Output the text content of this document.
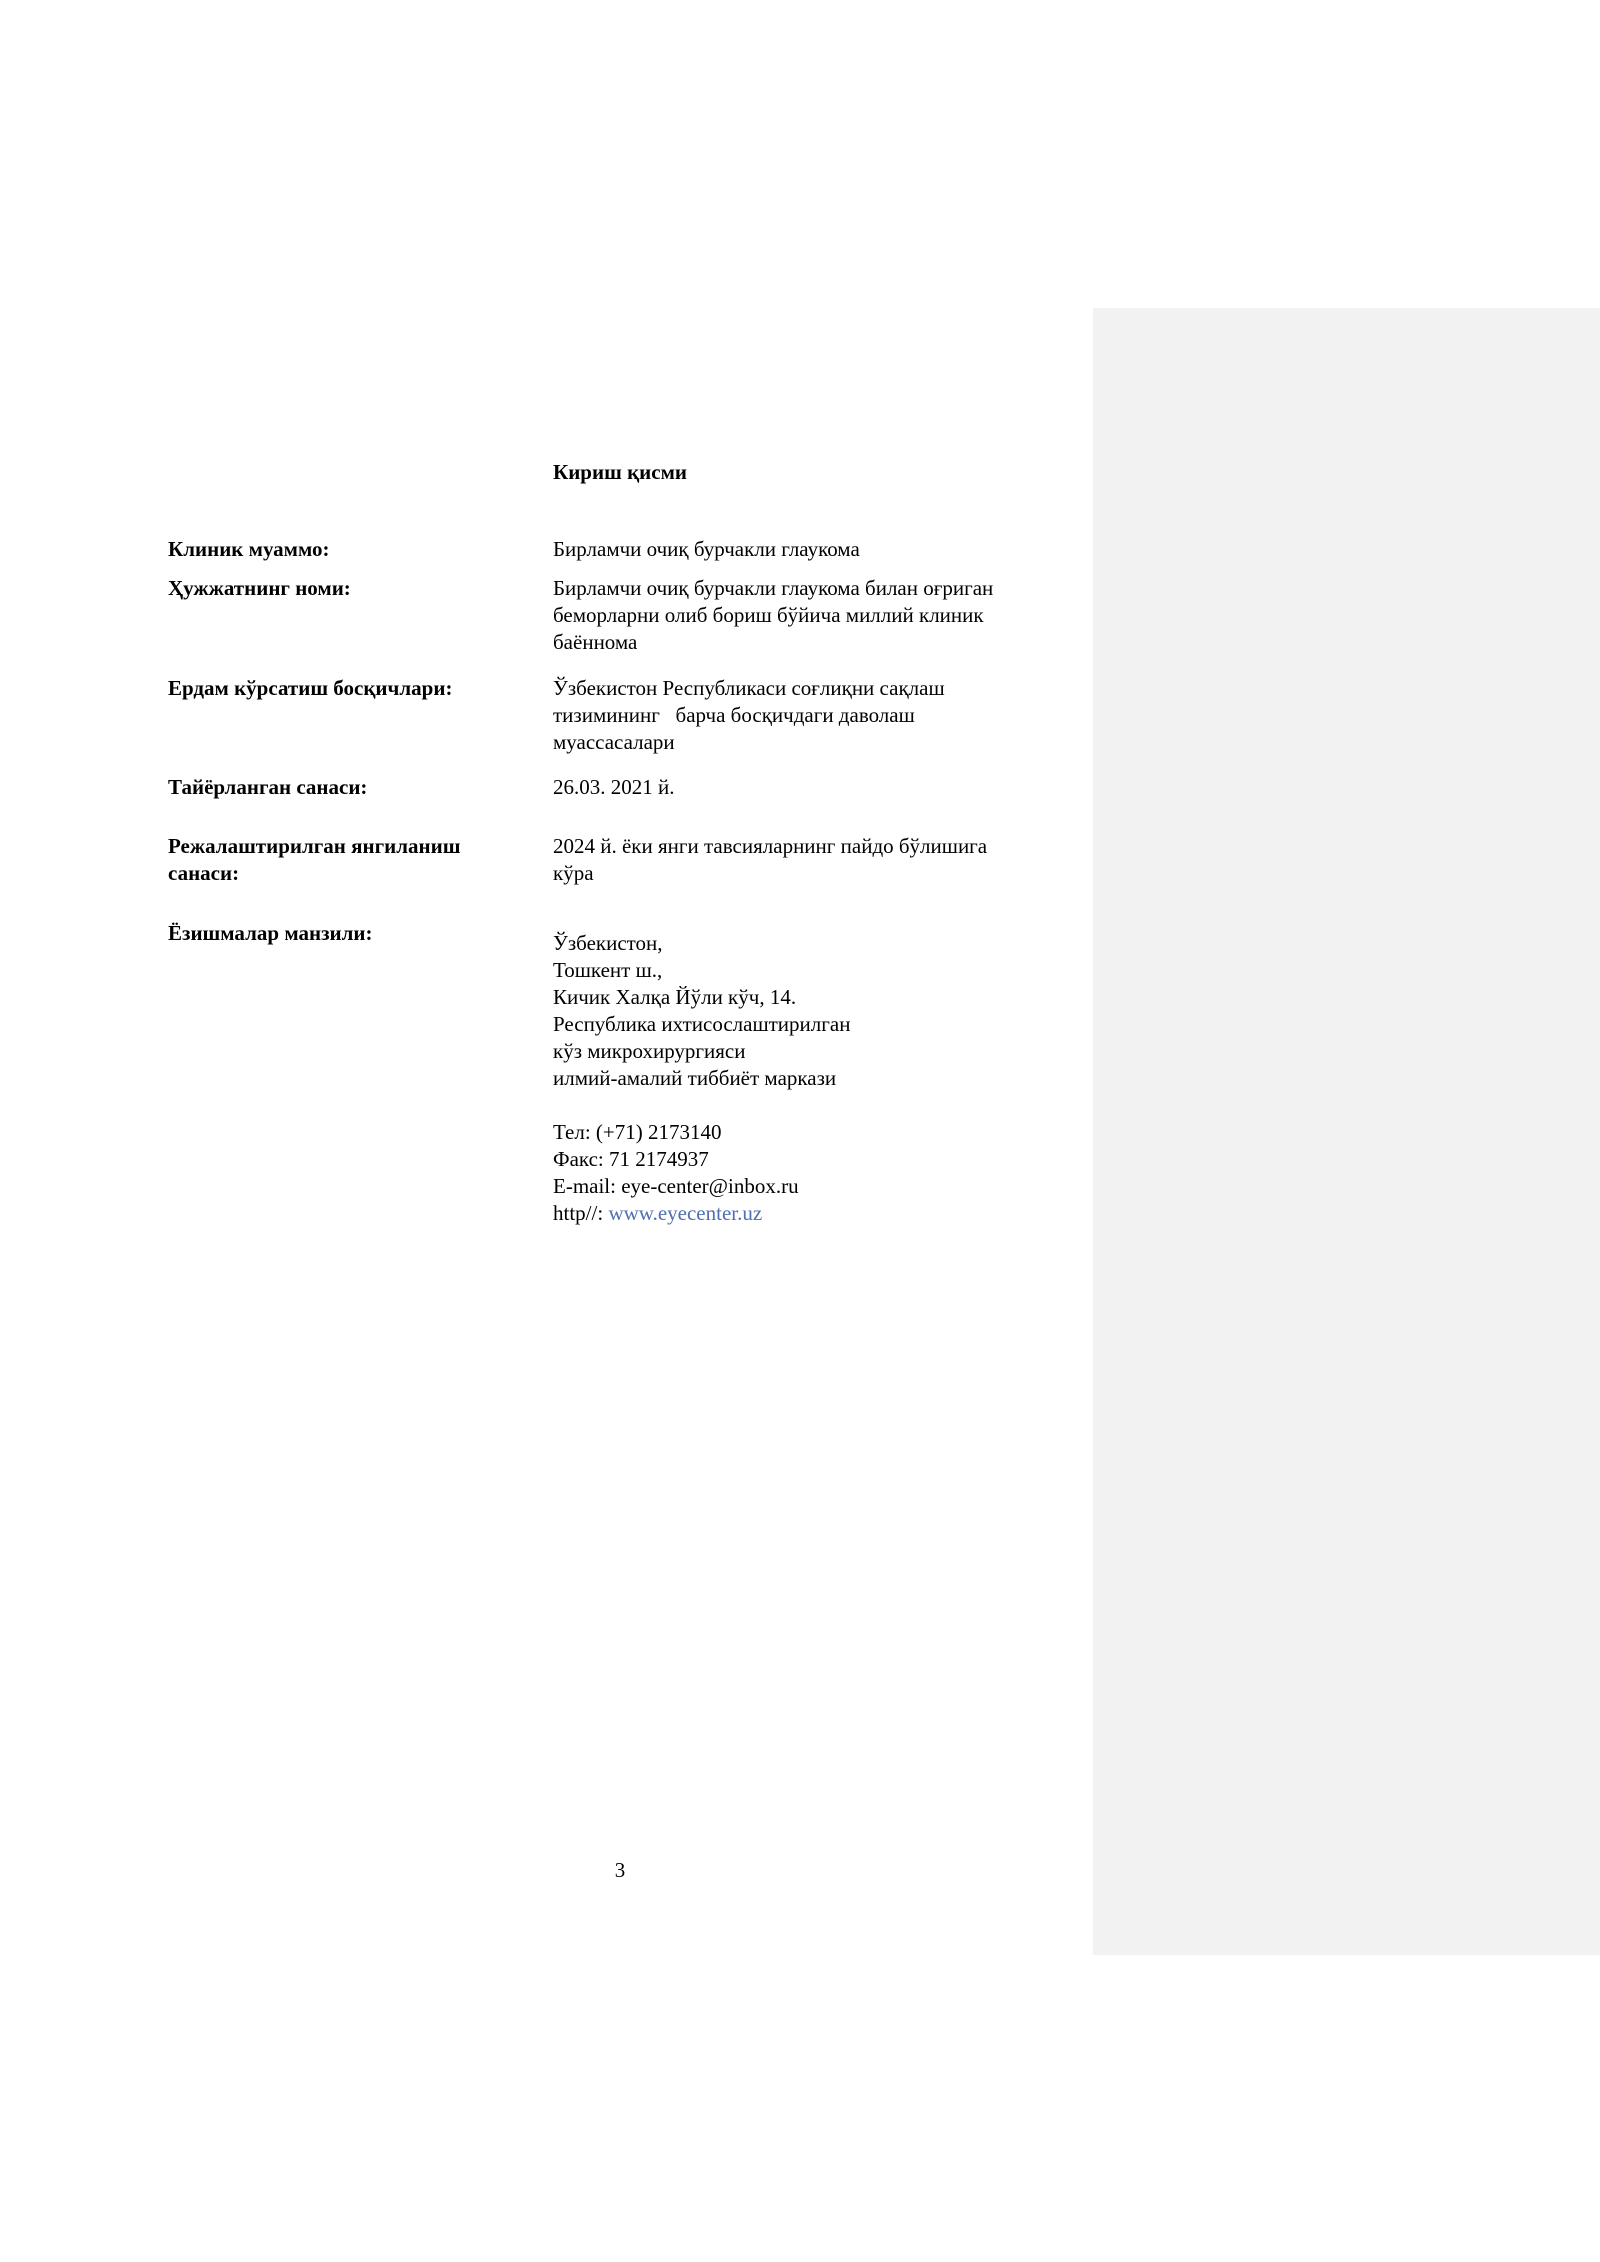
Кириш қисми
Клиник муаммо:	Бирламчи очиқ бурчакли глаукома
Ҳужжатнинг номи:	Бирламчи очиқ бурчакли глаукома билан оғриган
беморларни олиб бориш бўйича миллий клиник
баённома
Ердам кўрсатиш босқичлари:	Ўзбекистон Республикаси соғлиқни сақлаш
тизимининг   барча босқичдаги даволаш
муассасалари
Тайёрланган санаси:	26.03. 2021 й.
Режалаштирилган янгиланиш
санаси:
2024 й. ёки янги тавсияларнинг пайдо бўлишига
кўра
Ёзишмалар манзили:	Ўзбекистон,
Тошкент ш.,
Кичик Халқа Йўли кўч, 14.
Республика ихтисослаштирилган
кўз микрохирургияси
илмий-амалий тиббиёт маркази
Тел: (+71) 2173140
Факс: 71 2174937
E-mail: eye-center@inbox.ru
http//: www.eyecenter.uz
3
